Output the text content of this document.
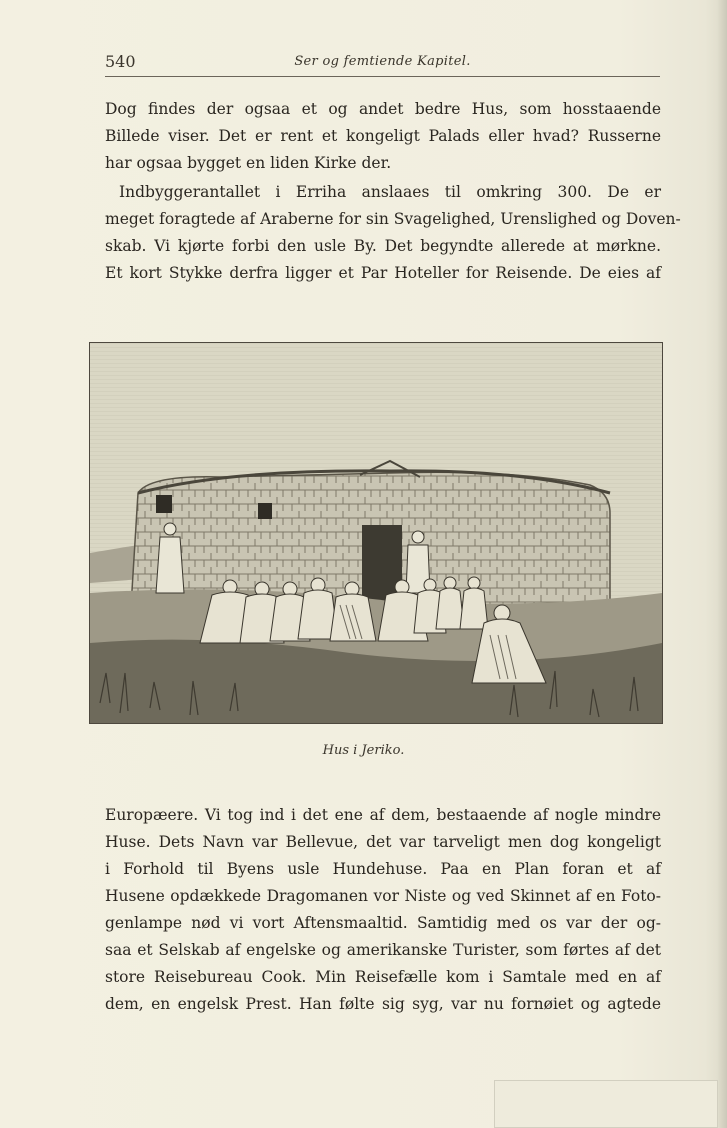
540	Ser og femtiende Kapitel.
Dog findes der ogsaa et og andet bedre Hus, som hosstaaende
Billede viser. Det er rent et kongeligt Palads eller hvad? Russerne
har ogsaa bygget en liden Kirke der.
Indbyggerantallet i Erriha anslaaes til omkring 300. De er
meget foragtede af Araberne for sin Svagelighed, Urenslighed og Doven-
skab. Vi kjørte forbi den usle By. Det begyndte allerede at mørkne.
Et kort Stykke derfra ligger et Par Hoteller for Reisende. De eies af
Hus i Jeriko.
Europæere. Vi tog ind i det ene af dem, bestaaende af nogle mindre
Huse. Dets Navn var Bellevue, det var tarveligt men dog kongeligt
i Forhold til Byens usle Hundehuse. Paa en Plan foran et af
Husene opdækkede Dragomanen vor Niste og ved Skinnet af en Foto-
genlampe nød vi vort Aftensmaaltid. Samtidig med os var der og-
saa et Selskab af engelske og amerikanske Turister, som førtes af det
store Reisebureau Cook. Min Reisefælle kom i Samtale med en af
dem, en engelsk Prest. Han følte sig syg, var nu fornøiet og agtede
